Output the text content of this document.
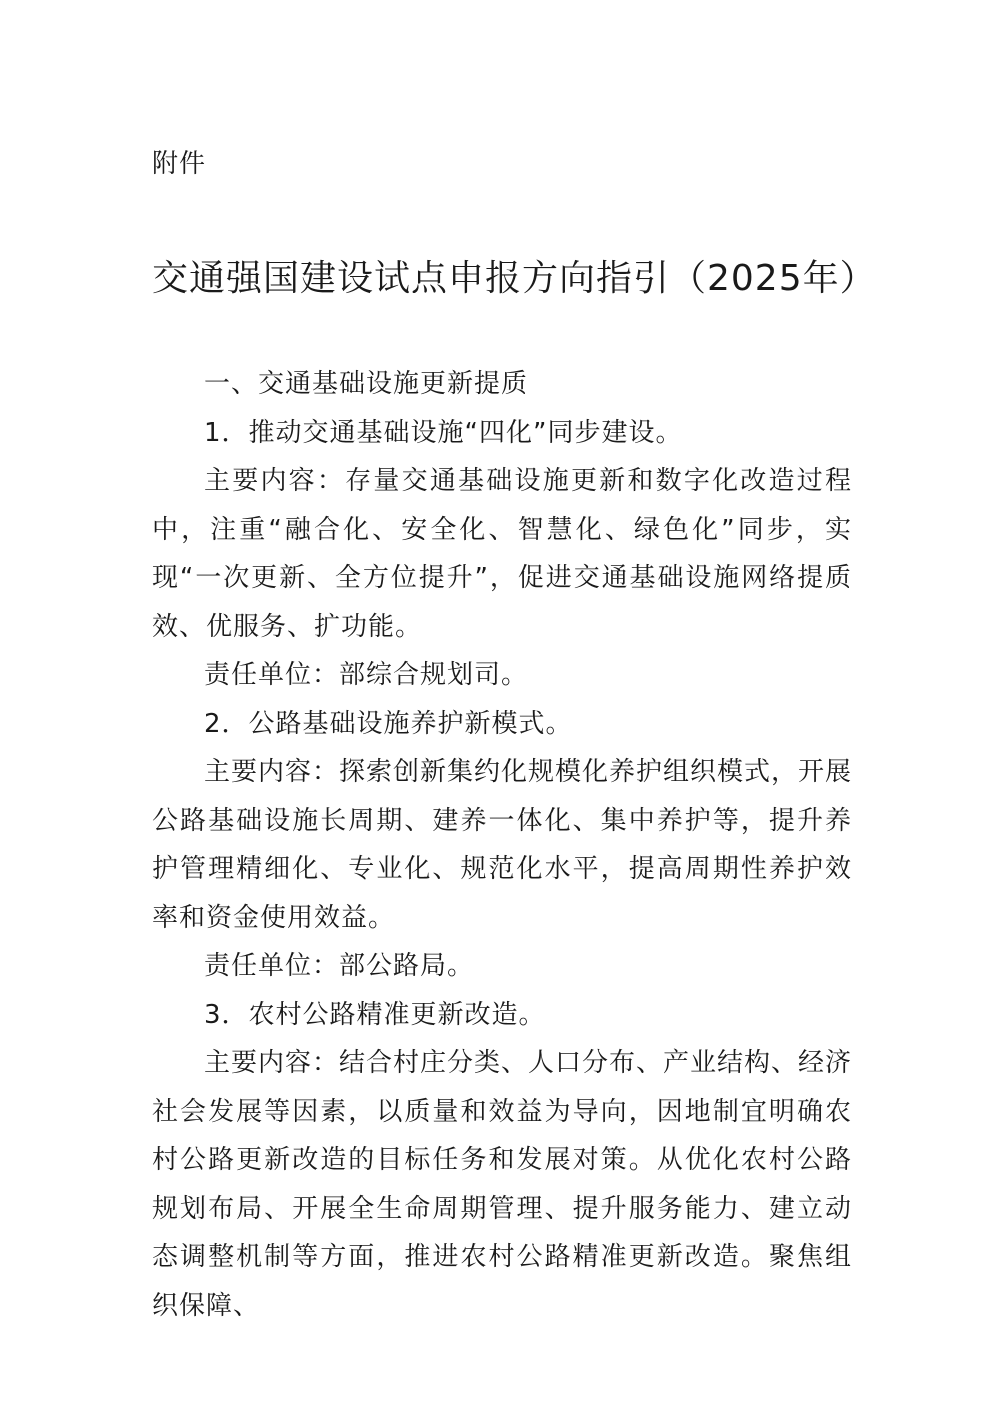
附件
交通强国建设试点申报方向指引（2025年）

一、交通基础设施更新提质

1．推动交通基础设施“四化”同步建设。

主要内容：存量交通基础设施更新和数字化改造过程中，注重“融合化、安全化、智慧化、绿色化”同步，实现“一次更新、全方位提升”，促进交通基础设施网络提质效、优服务、扩功能。

责任单位：部综合规划司。

2．公路基础设施养护新模式。

主要内容：探索创新集约化规模化养护组织模式，开展公路基础设施长周期、建养一体化、集中养护等，提升养护管理精细化、专业化、规范化水平，提高周期性养护效率和资金使用效益。

责任单位：部公路局。

3．农村公路精准更新改造。

主要内容：结合村庄分类、人口分布、产业结构、经济社会发展等因素，以质量和效益为导向，因地制宜明确农村公路更新改造的目标任务和发展对策。从优化农村公路规划布局、开展全生命周期管理、提升服务能力、建立动态调整机制等方面，推进农村公路精准更新改造。聚焦组织保障、
